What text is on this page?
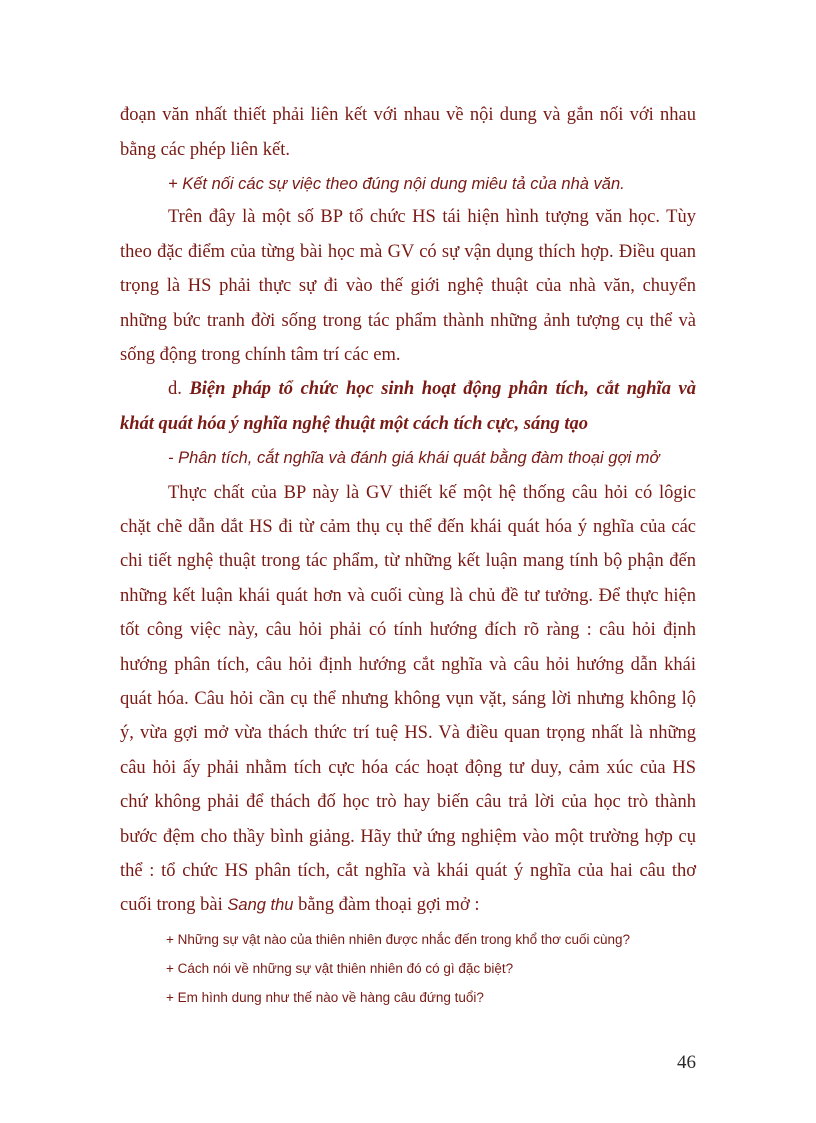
đoạn văn nhất thiết phải liên kết với nhau về nội dung và gắn nối với nhau
bằng các phép liên kết.
+ Kết nối các sự việc theo đúng nội dung miêu tả của nhà văn.
Trên đây là một số BP tổ chức HS tái hiện hình tượng văn học. Tùy
theo đặc điểm của từng bài học mà GV có sự vận dụng thích hợp. Điều quan
trọng là HS phải thực sự đi vào thế giới nghệ thuật của nhà văn, chuyển
những bức tranh đời sống trong tác phẩm thành những ảnh tượng cụ thể và
sống động trong chính tâm trí các em.
d. Biện pháp tổ chức học sinh hoạt động phân tích, cắt nghĩa và
khát quát hóa ý nghĩa nghệ thuật một cách tích cực, sáng tạo
- Phân tích, cắt nghĩa và đánh giá khái quát bằng đàm thoại gợi mở
Thực chất của BP này là GV thiết kế một hệ thống câu hỏi có lôgic
chặt chẽ dẫn dắt HS đi từ cảm thụ cụ thể đến khái quát hóa ý nghĩa của các
chi tiết nghệ thuật trong tác phẩm, từ những kết luận mang tính bộ phận đến
những kết luận khái quát hơn và cuối cùng là chủ đề tư tưởng. Để thực hiện
tốt công việc này, câu hỏi phải có tính hướng đích rõ ràng : câu hỏi định
hướng phân tích, câu hỏi định hướng cắt nghĩa và câu hỏi hướng dẫn khái
quát hóa. Câu hỏi cần cụ thể nhưng không vụn vặt, sáng lời nhưng không lộ
ý, vừa gợi mở vừa thách thức trí tuệ HS. Và điều quan trọng nhất là những
câu hỏi ấy phải nhằm tích cực hóa các hoạt động tư duy, cảm xúc của HS
chứ không phải để thách đố học trò hay biến câu trả lời của học trò thành
bước đệm cho thầy bình giảng. Hãy thử ứng nghiệm vào một trường hợp cụ
thể : tổ chức HS phân tích, cắt nghĩa và khái quát ý nghĩa của hai câu thơ
cuối trong bài Sang thu bằng đàm thoại gợi mở :
+ Những sự vật nào của thiên nhiên được nhắc đến trong khổ thơ cuối cùng?
+ Cách nói về những sự vật thiên nhiên đó có gì đặc biệt?
+ Em hình dung như thế nào về hàng câu đứng tuổi?
46
